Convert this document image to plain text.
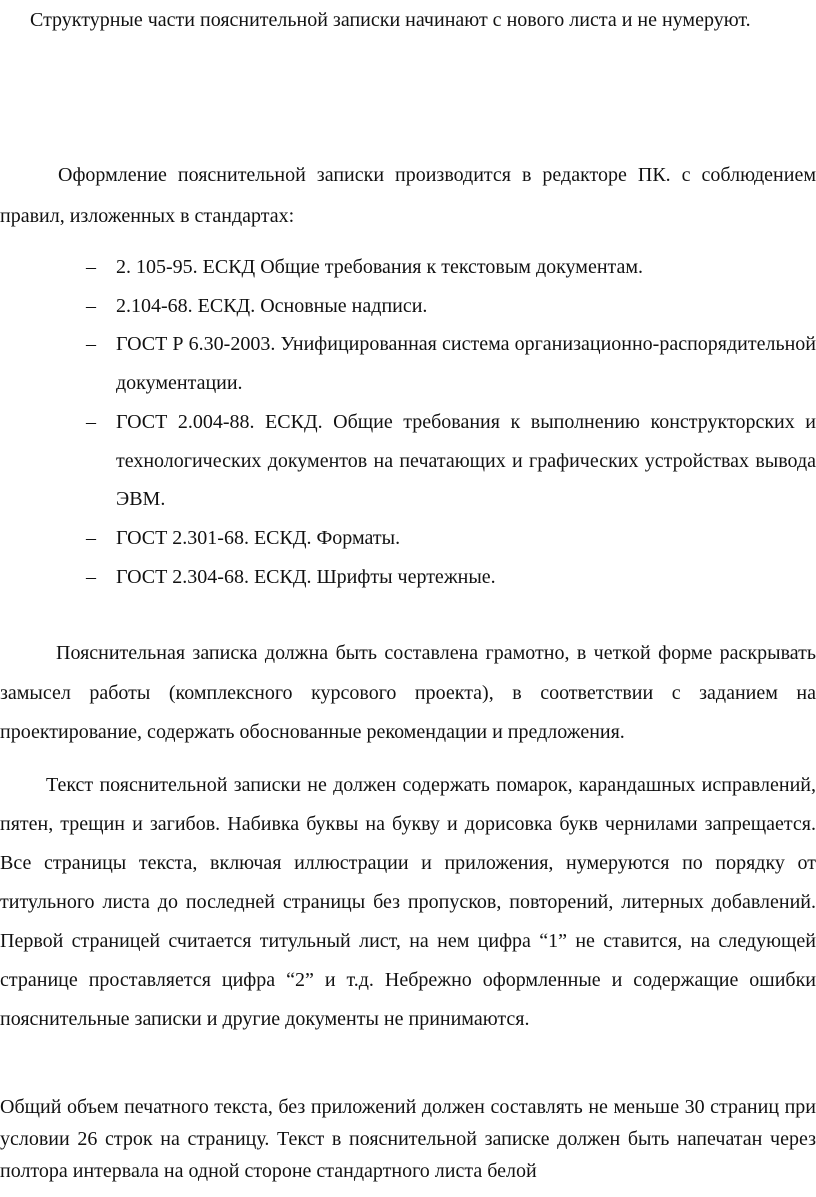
Структурные части пояснительной записки начинают с нового листа и не нумеруют.

Оформление пояснительной записки производится в редакторе ПК. с соблюдением правил, изложенных в стандартах:

– 2. 105-95. ЕСКД Общие требования к текстовым документам.
– 2.104-68. ЕСКД. Основные надписи.
– ГОСТ Р 6.30-2003. Унифицированная система организационно-распорядительной документации.
– ГОСТ 2.004-88. ЕСКД. Общие требования к выполнению конструкторских и технологических документов на печатающих и графических устройствах вывода ЭВМ.
– ГОСТ 2.301-68. ЕСКД. Форматы.
– ГОСТ 2.304-68. ЕСКД. Шрифты чертежные.

Пояснительная записка должна быть составлена грамотно, в четкой форме раскрывать замысел работы (комплексного курсового проекта), в соответствии с заданием на проектирование, содержать обоснованные рекомендации и предложения.

Текст пояснительной записки не должен содержать помарок, карандашных исправлений, пятен, трещин и загибов. Набивка буквы на букву и дорисовка букв чернилами запрещается. Все страницы текста, включая иллюстрации и приложения, нумеруются по порядку от титульного листа до последней страницы без пропусков, повторений, литерных добавлений. Первой страницей считается титульный лист, на нем цифра “1” не ставится, на следующей странице проставляется цифра “2” и т.д. Небрежно оформленные и содержащие ошибки пояснительные записки и другие документы не принимаются.

Общий объем печатного текста, без приложений должен составлять не меньше 30 страниц при условии 26 строк на страницу. Текст в пояснительной записке должен быть напечатан через полтора интервала на одной стороне стандартного листа белой
